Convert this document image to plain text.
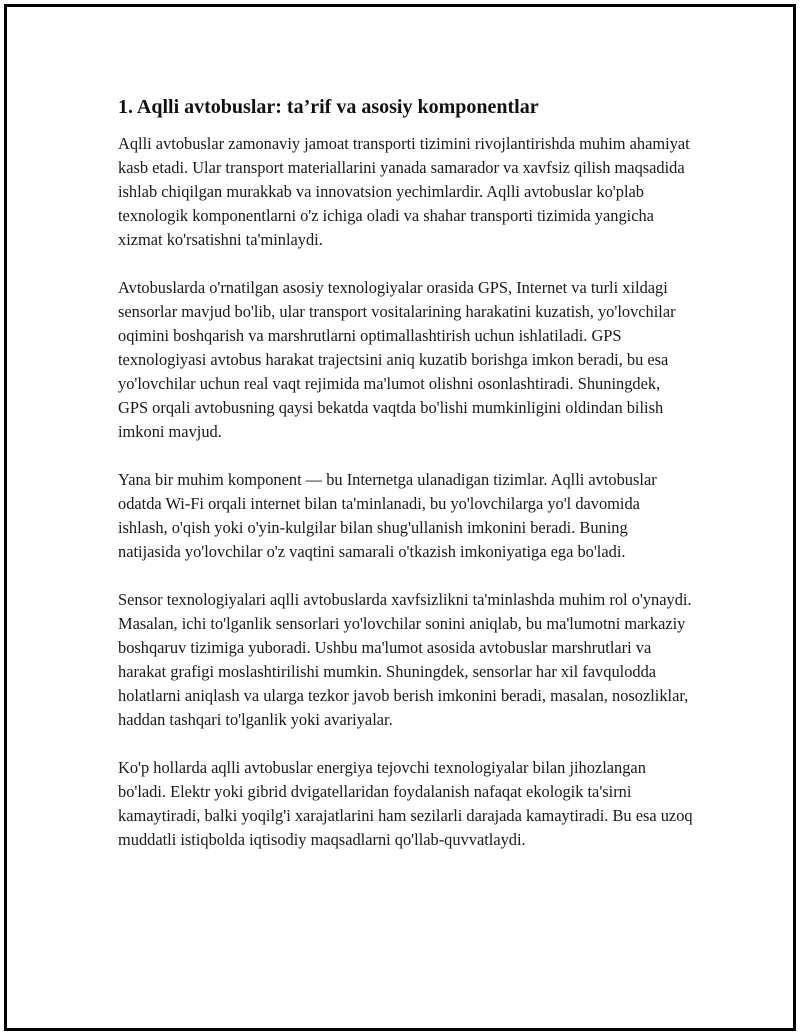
1. Aqlli avtobuslar: ta’rif va asosiy komponentlar

Aqlli avtobuslar zamonaviy jamoat transporti tizimini rivojlantirishda muhim ahamiyat kasb etadi. Ular transport materiallarini yanada samarador va xavfsiz qilish maqsadida ishlab chiqilgan murakkab va innovatsion yechimlardir. Aqlli avtobuslar ko'plab texnologik komponentlarni o'z ichiga oladi va shahar transporti tizimida yangicha xizmat ko'rsatishni ta'minlaydi.

Avtobuslarda o'rnatilgan asosiy texnologiyalar orasida GPS, Internet va turli xildagi sensorlar mavjud bo'lib, ular transport vositalarining harakatini kuzatish, yo'lovchilar oqimini boshqarish va marshrutlarni optimallashtirish uchun ishlatiladi. GPS texnologiyasi avtobus harakat trajectsini aniq kuzatib borishga imkon beradi, bu esa yo'lovchilar uchun real vaqt rejimida ma'lumot olishni osonlashtiradi. Shuningdek, GPS orqali avtobusning qaysi bekatda vaqtda bo'lishi mumkinligini oldindan bilish imkoni mavjud.

Yana bir muhim komponent — bu Internetga ulanadigan tizimlar. Aqlli avtobuslar odatda Wi-Fi orqali internet bilan ta'minlanadi, bu yo'lovchilarga yo'l davomida ishlash, o'qish yoki o'yin-kulgilar bilan shug'ullanish imkonini beradi. Buning natijasida yo'lovchilar o'z vaqtini samarali o'tkazish imkoniyatiga ega bo'ladi.

Sensor texnologiyalari aqlli avtobuslarda xavfsizlikni ta'minlashda muhim rol o'ynaydi. Masalan, ichi to'lganlik sensorlari yo'lovchilar sonini aniqlab, bu ma'lumotni markaziy boshqaruv tizimiga yuboradi. Ushbu ma'lumot asosida avtobuslar marshrutlari va harakat grafigi moslashtirilishi mumkin. Shuningdek, sensorlar har xil favqulodda holatlarni aniqlash va ularga tezkor javob berish imkonini beradi, masalan, nosozliklar, haddan tashqari to'lganlik yoki avariyalar.

Ko'p hollarda aqlli avtobuslar energiya tejovchi texnologiyalar bilan jihozlangan bo'ladi. Elektr yoki gibrid dvigatellaridan foydalanish nafaqat ekologik ta'sirni kamaytiradi, balki yoqilg'i xarajatlarini ham sezilarli darajada kamaytiradi. Bu esa uzoq muddatli istiqbolda iqtisodiy maqsadlarni qo'llab-quvvatlaydi.
